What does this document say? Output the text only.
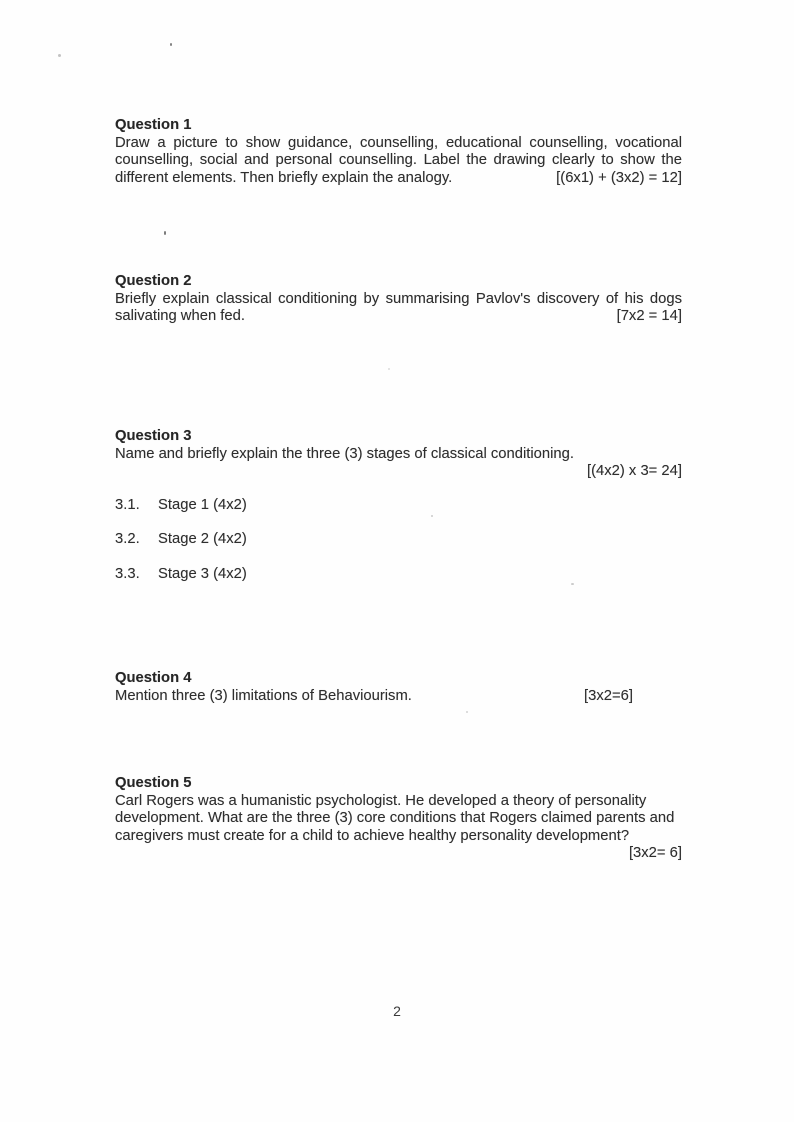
Question 1
Draw a picture to show guidance, counselling, educational counselling, vocational
counselling, social and personal counselling. Label the drawing clearly to show the
different elements. Then briefly explain the analogy.	[(6x1) + (3x2) = 12]
Question 2
Briefly explain classical conditioning by summarising Pavlov's discovery of his dogs
salivating when fed.	[7x2 = 14]
Question 3
Name and briefly explain the three (3) stages of classical conditioning.
[(4x2) x 3= 24]
3.1.	Stage 1 (4x2)
3.2.	Stage 2 (4x2)
3.3.	Stage 3 (4x2)
Question 4
Mention three (3) limitations of Behaviourism.	[3x2=6]
Question 5
Carl Rogers was a humanistic psychologist. He developed a theory of personality
development. What are the three (3) core conditions that Rogers claimed parents and
caregivers must create for a child to achieve healthy personality development?
[3x2= 6]
2
